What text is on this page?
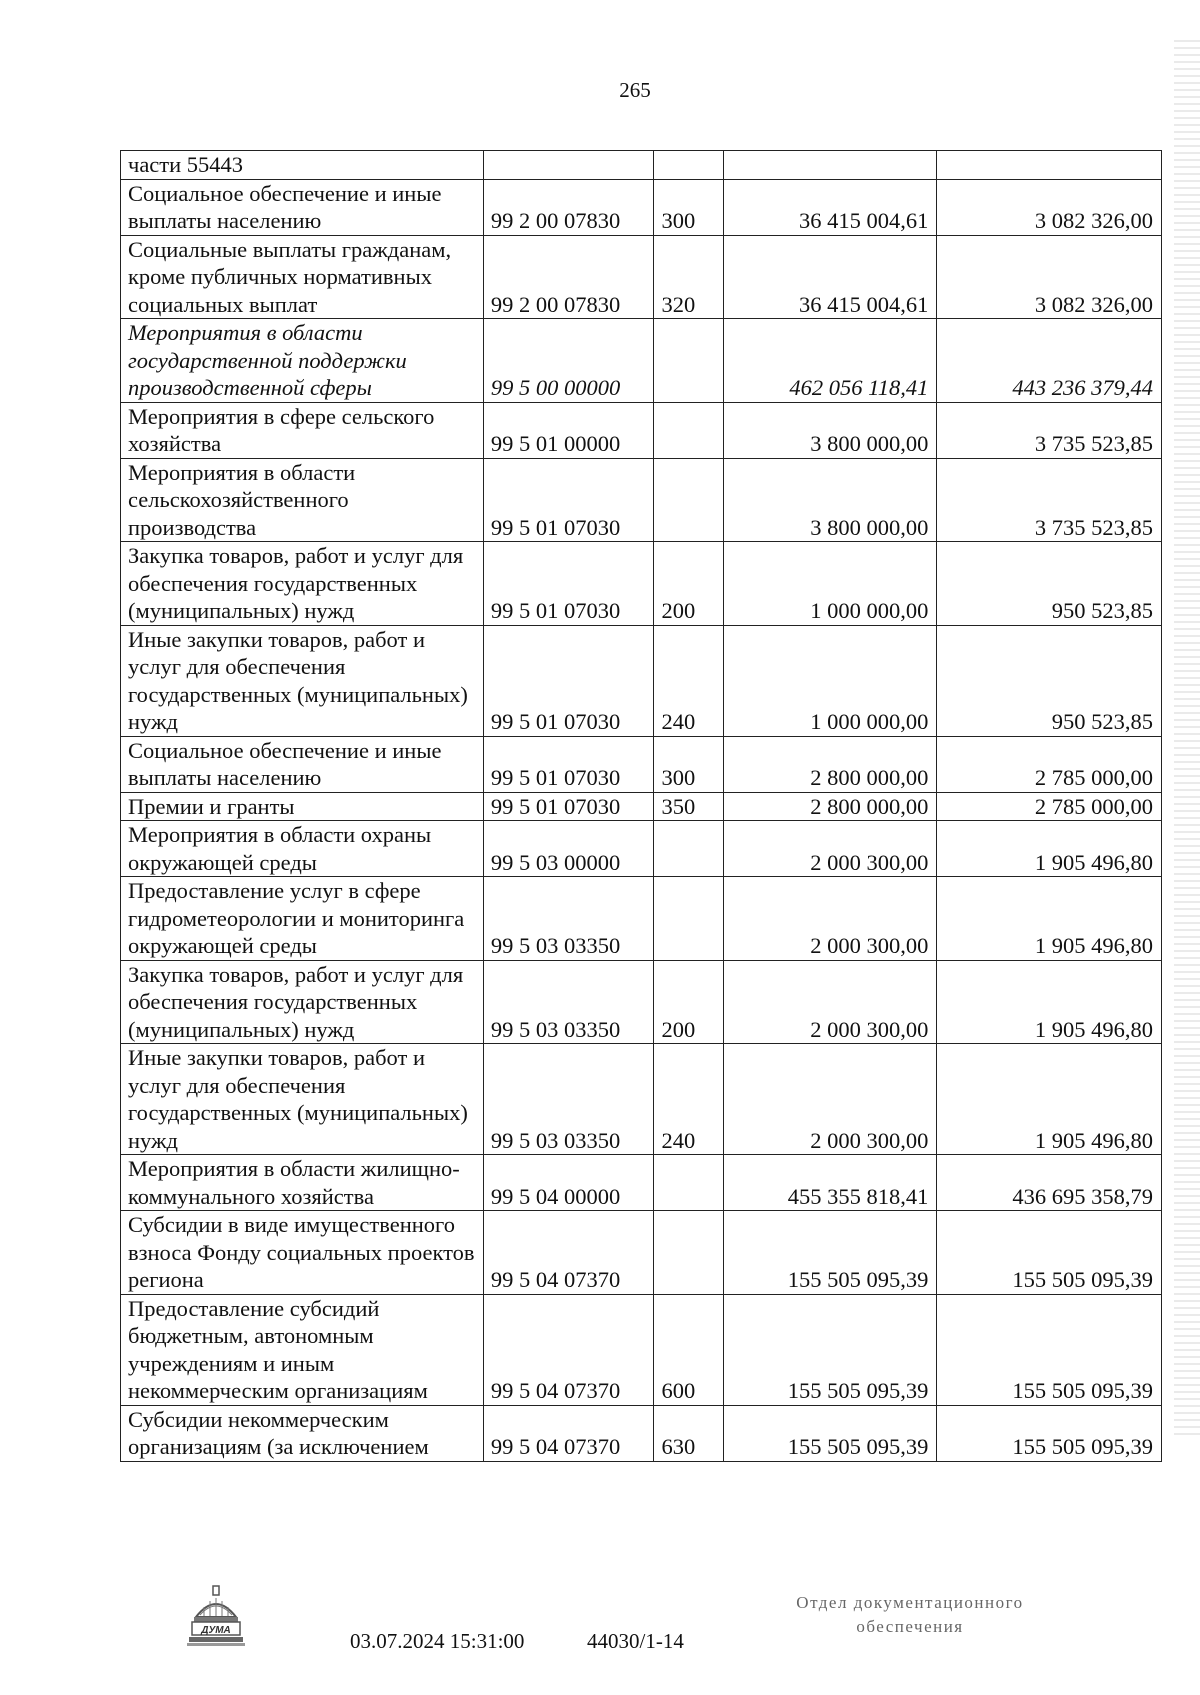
265
части 55443				
Социальное обеспечение и иные выплаты населению	99 2 00 07830	300	36 415 004,61	3 082 326,00
Социальные выплаты гражданам, кроме публичных нормативных социальных выплат	99 2 00 07830	320	36 415 004,61	3 082 326,00
Мероприятия в области государственной поддержки производственной сферы	99 5 00 00000		462 056 118,41	443 236 379,44
Мероприятия в сфере сельского хозяйства	99 5 01 00000		3 800 000,00	3 735 523,85
Мероприятия в области сельскохозяйственного производства	99 5 01 07030		3 800 000,00	3 735 523,85
Закупка товаров, работ и услуг для обеспечения государственных (муниципальных) нужд	99 5 01 07030	200	1 000 000,00	950 523,85
Иные закупки товаров, работ и услуг для обеспечения государственных (муниципальных) нужд	99 5 01 07030	240	1 000 000,00	950 523,85
Социальное обеспечение и иные выплаты населению	99 5 01 07030	300	2 800 000,00	2 785 000,00
Премии и гранты	99 5 01 07030	350	2 800 000,00	2 785 000,00
Мероприятия в области охраны окружающей среды	99 5 03 00000		2 000 300,00	1 905 496,80
Предоставление услуг в сфере гидрометеорологии и мониторинга окружающей среды	99 5 03 03350		2 000 300,00	1 905 496,80
Закупка товаров, работ и услуг для обеспечения государственных (муниципальных) нужд	99 5 03 03350	200	2 000 300,00	1 905 496,80
Иные закупки товаров, работ и услуг для обеспечения государственных (муниципальных) нужд	99 5 03 03350	240	2 000 300,00	1 905 496,80
Мероприятия в области жилищно-коммунального хозяйства	99 5 04 00000		455 355 818,41	436 695 358,79
Субсидии в виде имущественного взноса Фонду социальных проектов региона	99 5 04 07370		155 505 095,39	155 505 095,39
Предоставление субсидий бюджетным, автономным учреждениям и иным некоммерческим организациям	99 5 04 07370	600	155 505 095,39	155 505 095,39
Субсидии некоммерческим организациям (за исключением	99 5 04 07370	630	155 505 095,39	155 505 095,39
ДУМА	03.07.2024 15:31:00	44030/1-14
Отдел документационного
обеспечения
